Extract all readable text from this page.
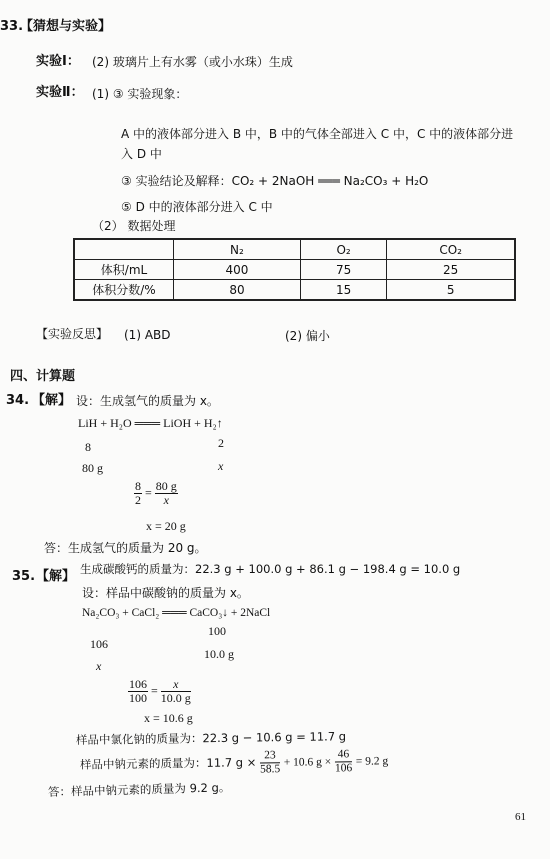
33.
【猜想与实验】
实验Ⅰ： (2) 玻璃片上有水雾（或小水珠）生成
实验Ⅱ： (1) ③ 实验现象：
A 中的液体部分进入 B 中，B 中的气体全部进入 C 中，C 中的液体部分进
入 D 中
③ 实验结论及解释：CO₂ + 2NaOH ═══ Na₂CO₃ + H₂O
⑤ D 中的液体部分进入 C 中
（2） 数据处理
	N₂	O₂	CO₂
体积/mL	400	75	25
体积分数/%	80	15	5
【实验反思】 (1) ABD	(2) 偏小
四、计算题
34. 【解】 设：生成氢气的质量为 x。
LiH + H₂O ═══ LiOH + H₂↑
8	2
80 g	x
$\frac{8}{2} = \frac{80 g}{x}$
x = 20 g
答：生成氢气的质量为 20 g。
35. 【解】 生成碳酸钙的质量为：22.3 g + 100.0 g + 86.1 g − 198.4 g = 10.0 g
设：样品中碳酸钠的质量为 x。
Na₂CO₃ + CaCl₂ ═══ CaCO₃↓ + 2NaCl
100
106
10.0 g
x
$\frac{106}{100} = \frac{x}{10.0 g}$
x = 10.6 g
样品中氯化钠的质量为：22.3 g − 10.6 g = 11.7 g
样品中钠元素的质量为：11.7 $g \times \frac{23}{58.5} + 10.6$ $g \times \frac{46}{106} = 9.2$ g
答：样品中钠元素的质量为 9.2 g。
61
